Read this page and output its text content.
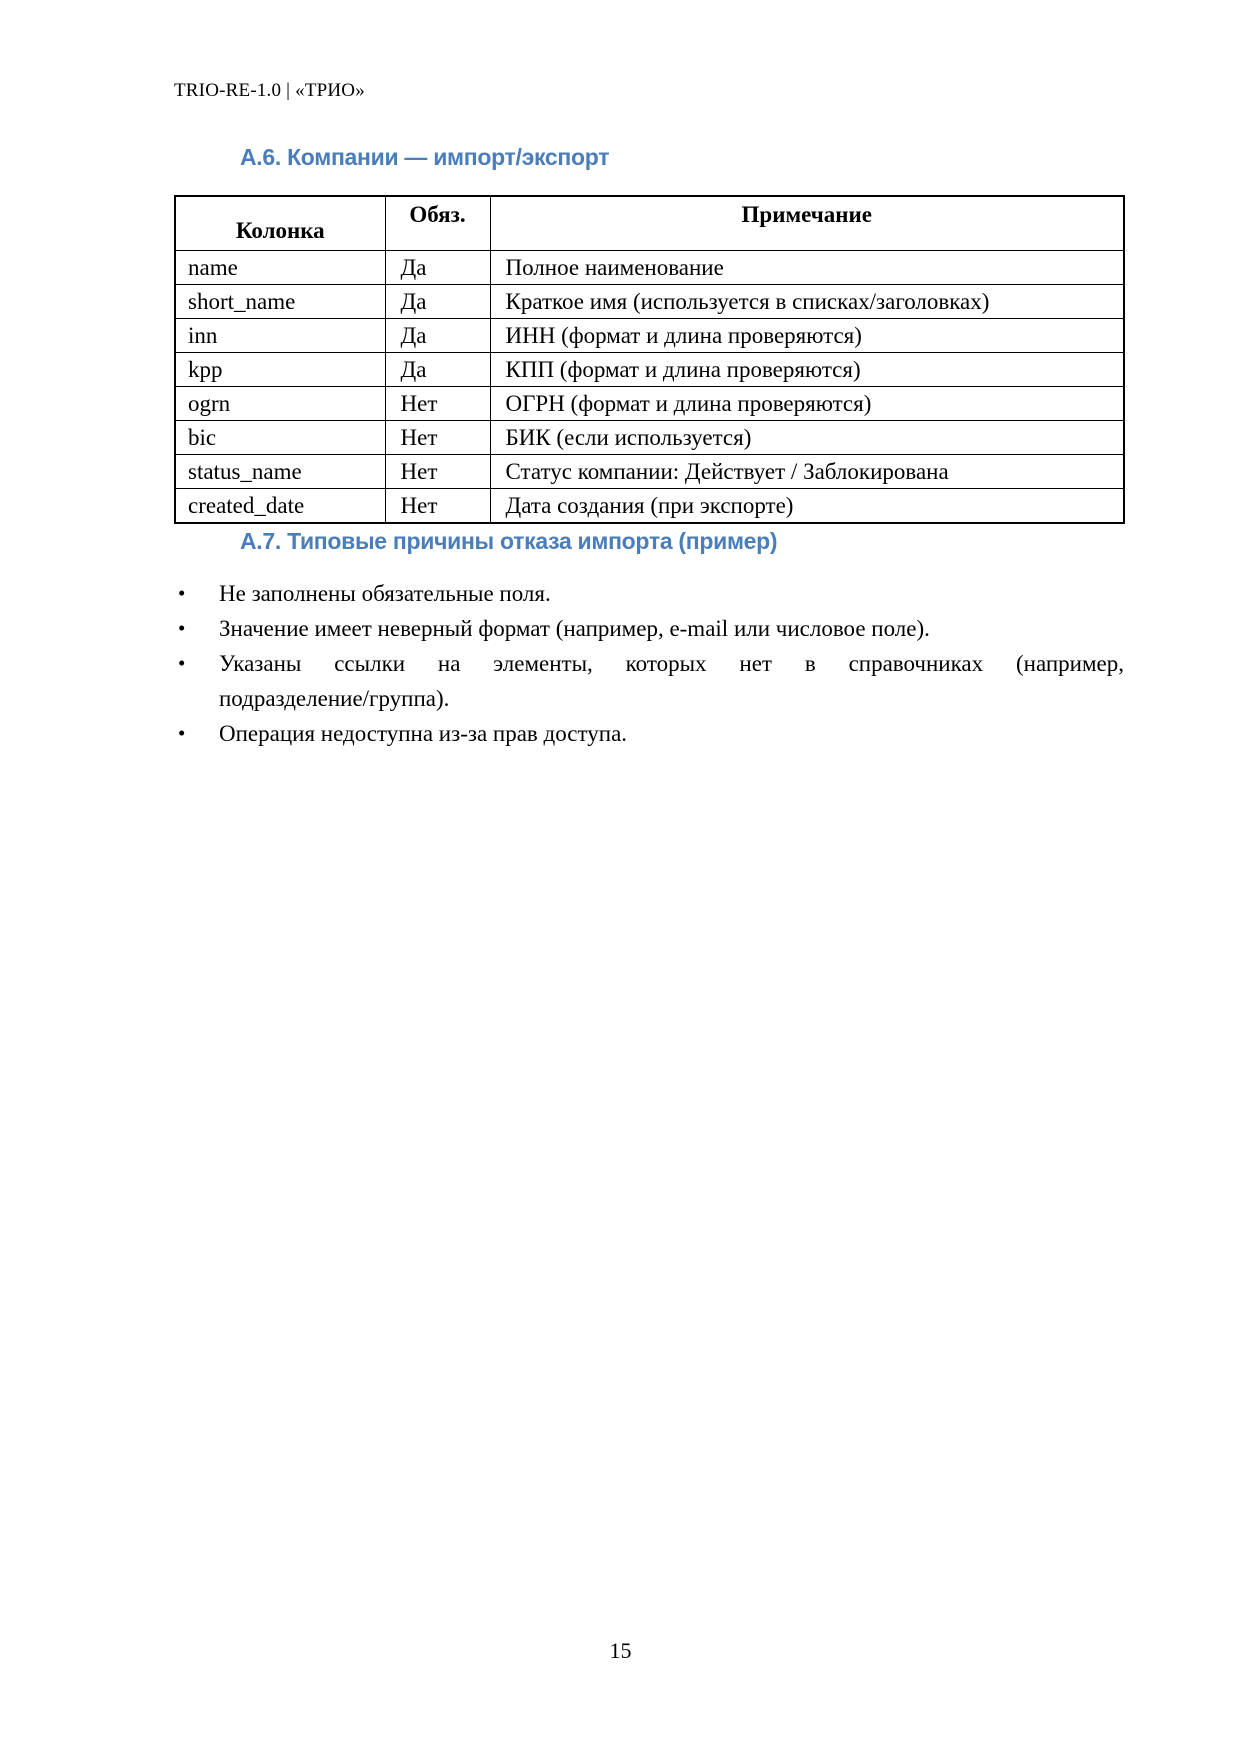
TRIO-RE-1.0 | «ТРИО»
А.6. Компании — импорт/экспорт
Колонка	Обяз.	Примечание
name	Да	Полное наименование
short_name	Да	Краткое имя (используется в списках/заголовках)
inn	Да	ИНН (формат и длина проверяются)
kpp	Да	КПП (формат и длина проверяются)
ogrn	Нет	ОГРН (формат и длина проверяются)
bic	Нет	БИК (если используется)
status_name	Нет	Статус компании: Действует / Заблокирована
created_date	Нет	Дата создания (при экспорте)
А.7. Типовые причины отказа импорта (пример)
• Не заполнены обязательные поля.
• Значение имеет неверный формат (например, e-mail или числовое поле).
• Указаны ссылки на элементы, которых нет в справочниках (например,
подразделение/группа).
• Операция недоступна из-за прав доступа.
15
